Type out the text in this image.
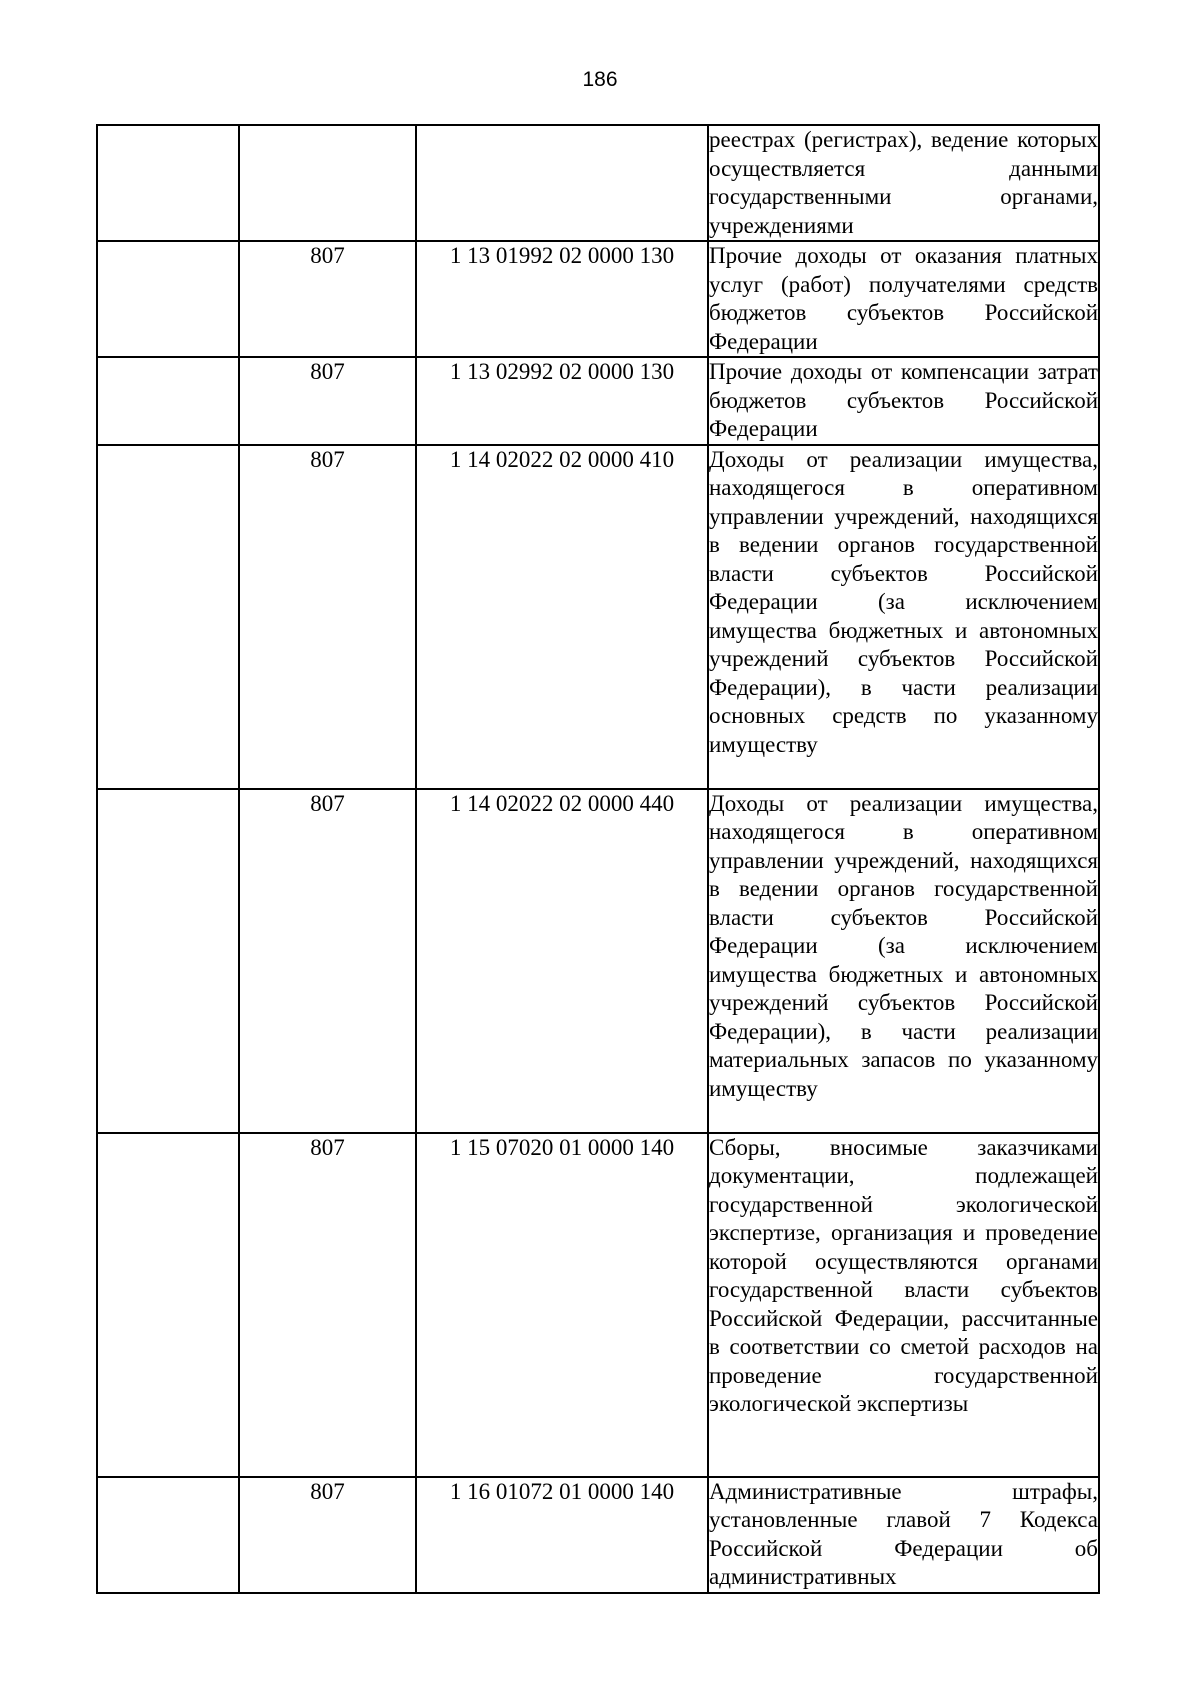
186
			реестрах (регистрах), ведение которых осуществляется данными государственными органами, учреждениями
	807	1 13 01992 02 0000 130	Прочие доходы от оказания платных услуг (работ) получателями средств бюджетов субъектов Российской Федерации
	807	1 13 02992 02 0000 130	Прочие доходы от компенсации затрат бюджетов субъектов Российской Федерации
	807	1 14 02022 02 0000 410	Доходы от реализации имущества, находящегося в оперативном управлении учреждений, находящихся в ведении органов государственной власти субъектов Российской Федерации (за исключением имущества бюджетных и автономных учреждений субъектов Российской Федерации), в части реализации основных средств по указанному имуществу
	807	1 14 02022 02 0000 440	Доходы от реализации имущества, находящегося в оперативном управлении учреждений, находящихся в ведении органов государственной власти субъектов Российской Федерации (за исключением имущества бюджетных и автономных учреждений субъектов Российской Федерации), в части реализации материальных запасов по указанному имуществу
	807	1 15 07020 01 0000 140	Сборы, вносимые заказчиками документации, подлежащей государственной экологической экспертизе, организация и проведение которой осуществляются органами государственной власти субъектов Российской Федерации, рассчитанные в соответствии со сметой расходов на проведение государственной экологической экспертизы
	807	1 16 01072 01 0000 140	Административные штрафы, установленные главой 7 Кодекса Российской Федерации об административных
